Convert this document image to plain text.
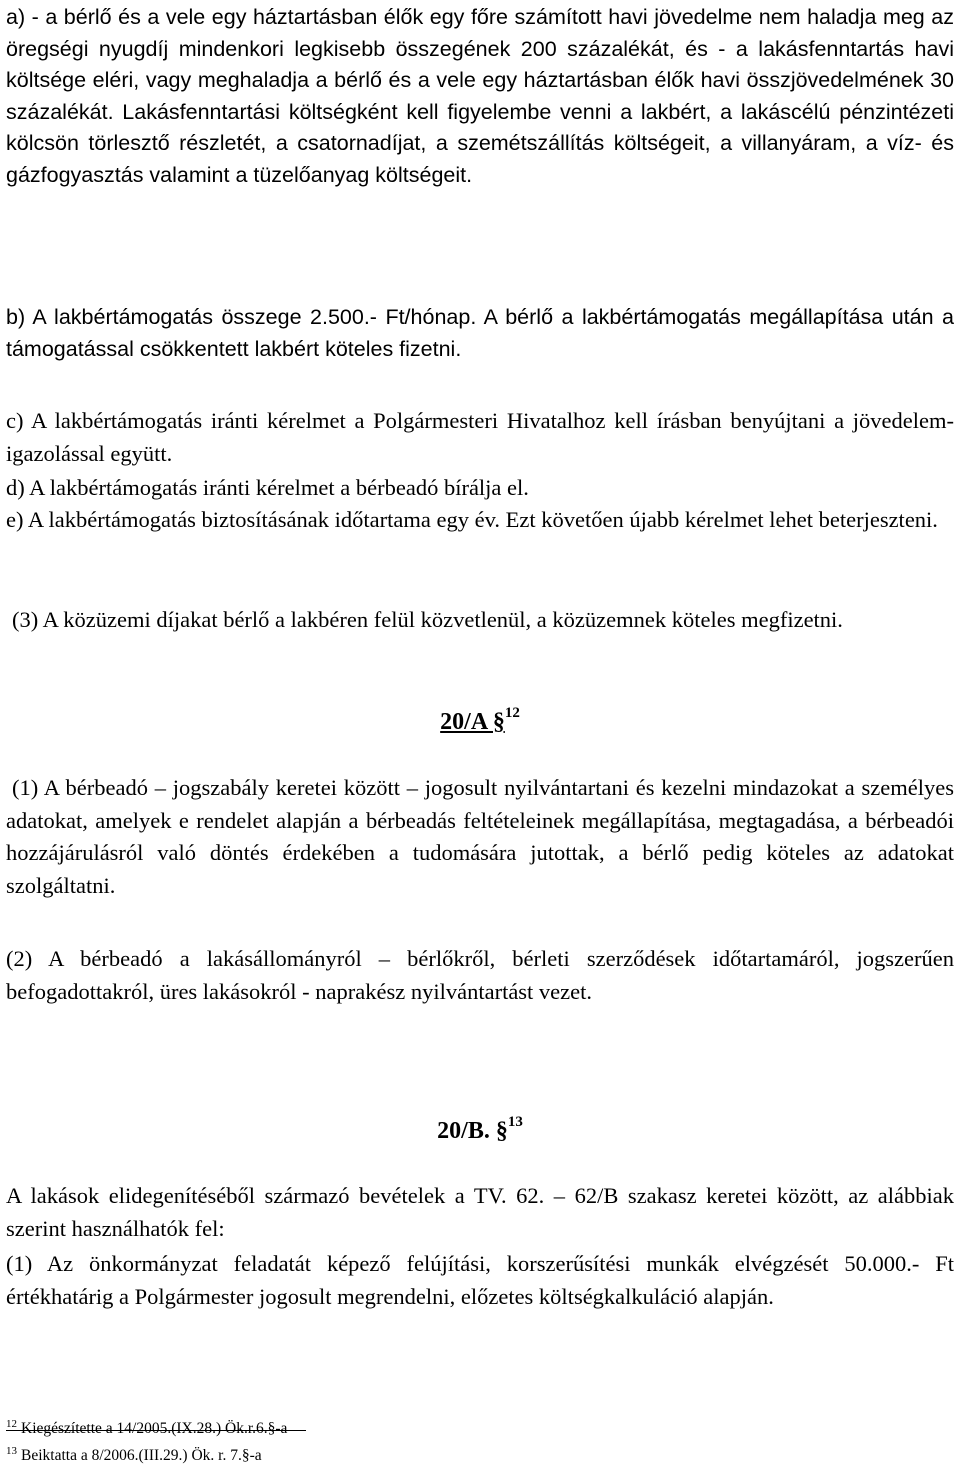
a) - a bérlő és a vele egy háztartásban élők egy főre számított havi jövedelme nem haladja meg az öregségi nyugdíj mindenkori legkisebb összegének 200 százalékát, és - a lakásfenntartás havi költsége eléri, vagy meghaladja a bérlő és a vele egy háztartásban élők havi összjövedelmének 30 százalékát. Lakásfenntartási költségként kell figyelembe venni a lakbért, a lakáscélú pénzintézeti kölcsön törlesztő részletét, a csatornadíjat, a szemétszállítás költségeit, a villanyáram, a víz- és gázfogyasztás valamint a tüzelőanyag költségeit.
b) A lakbértámogatás összege 2.500.- Ft/hónap. A bérlő a lakbértámogatás megállapítása után a támogatással csökkentett lakbért köteles fizetni.
c) A lakbértámogatás iránti kérelmet a Polgármesteri Hivatalhoz kell írásban benyújtani a jövedelem-igazolással együtt.
d) A lakbértámogatás iránti kérelmet a bérbeadó bírálja el.
e) A lakbértámogatás biztosításának időtartama egy év. Ezt követően újabb kérelmet lehet beterjeszteni.
(3) A közüzemi díjakat bérlő a lakbéren felül közvetlenül, a közüzemnek köteles megfizetni.
20/A §$^{12}$
(1) A bérbeadó – jogszabály keretei között – jogosult nyilvántartani és kezelni mindazokat a személyes adatokat, amelyek e rendelet alapján a bérbeadás feltételeinek megállapítása, megtagadása, a bérbeadói hozzájárulásról való döntés érdekében a tudomására jutottak, a bérlő pedig köteles az adatokat szolgáltatni.
(2) A bérbeadó a lakásállományról – bérlőkről, bérleti szerződések időtartamáról, jogszerűen befogadottakról, üres lakásokról - naprakész nyilvántartást vezet.
20/B. §$^{13}$
A lakások elidegenítéséből származó bevételek a TV. 62. – 62/B szakasz keretei között, az alábbiak szerint használhatók fel:
(1) Az önkormányzat feladatát képező felújítási, korszerűsítési munkák elvégzését 50.000.- Ft értékhatárig a Polgármester jogosult megrendelni, előzetes költségkalkuláció alapján.
$^{12}$ Kiegészítette a 14/2005.(IX.28.) Ök.r.6.§-a
$^{13}$ Beiktatta a 8/2006.(III.29.) Ök. r. 7.§-a
